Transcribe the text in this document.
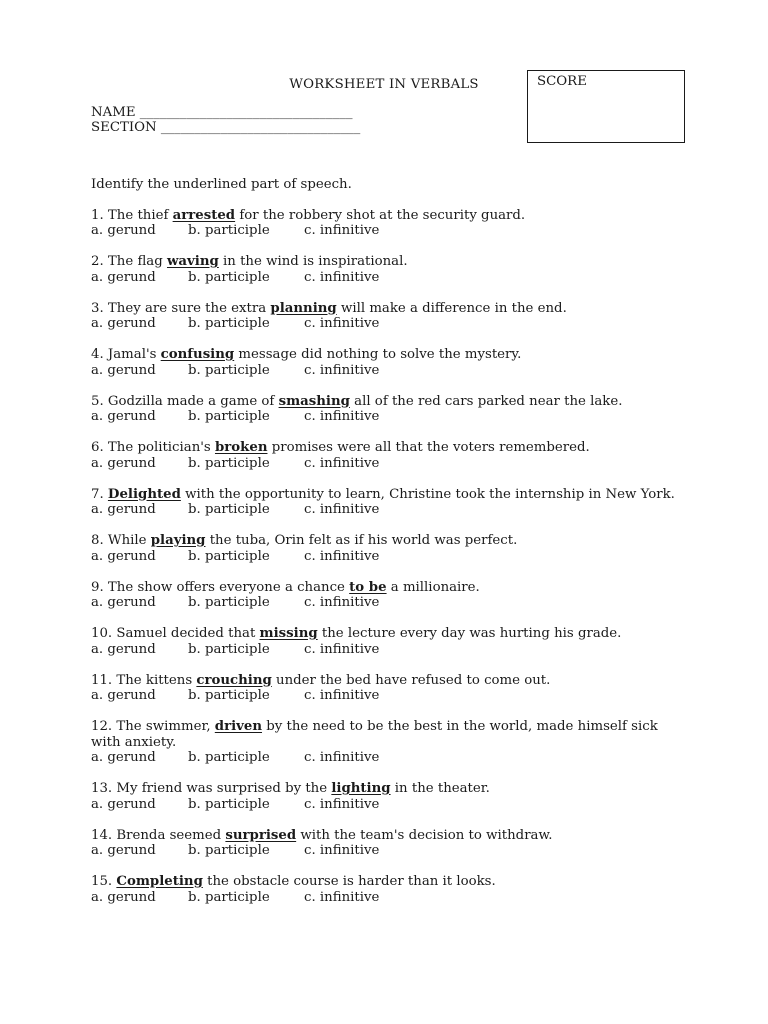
WORKSHEET IN VERBALS	SCORE
NAME ________________________________
SECTION ______________________________

Identify the underlined part of speech.

1. The thief arrested for the robbery shot at the security guard.

a. gerund	b. participle	c. infinitive

2. The flag waving in the wind is inspirational.

a. gerund	b. participle	c. infinitive

3. They are sure the extra planning will make a difference in the end.

a. gerund	b. participle	c. infinitive

4. Jamal's confusing message did nothing to solve the mystery.

a. gerund	b. participle	c. infinitive

5. Godzilla made a game of smashing all of the red cars parked near the lake.

a. gerund	b. participle	c. infinitive

6. The politician's broken promises were all that the voters remembered.

a. gerund	b. participle	c. infinitive

7. Delighted with the opportunity to learn, Christine took the internship in New York.

a. gerund	b. participle	c. infinitive

8. While playing the tuba, Orin felt as if his world was perfect.

a. gerund	b. participle	c. infinitive

9. The show offers everyone a chance to be a millionaire.

a. gerund	b. participle	c. infinitive

10. Samuel decided that missing the lecture every day was hurting his grade.

a. gerund	b. participle	c. infinitive

11. The kittens crouching under the bed have refused to come out.

a. gerund	b. participle	c. infinitive

12. The swimmer, driven by the need to be the best in the world, made himself sick with anxiety.

a. gerund	b. participle	c. infinitive

13. My friend was surprised by the lighting in the theater.

a. gerund	b. participle	c. infinitive

14. Brenda seemed surprised with the team's decision to withdraw.

a. gerund	b. participle	c. infinitive

15. Completing the obstacle course is harder than it looks.

a. gerund	b. participle	c. infinitive
